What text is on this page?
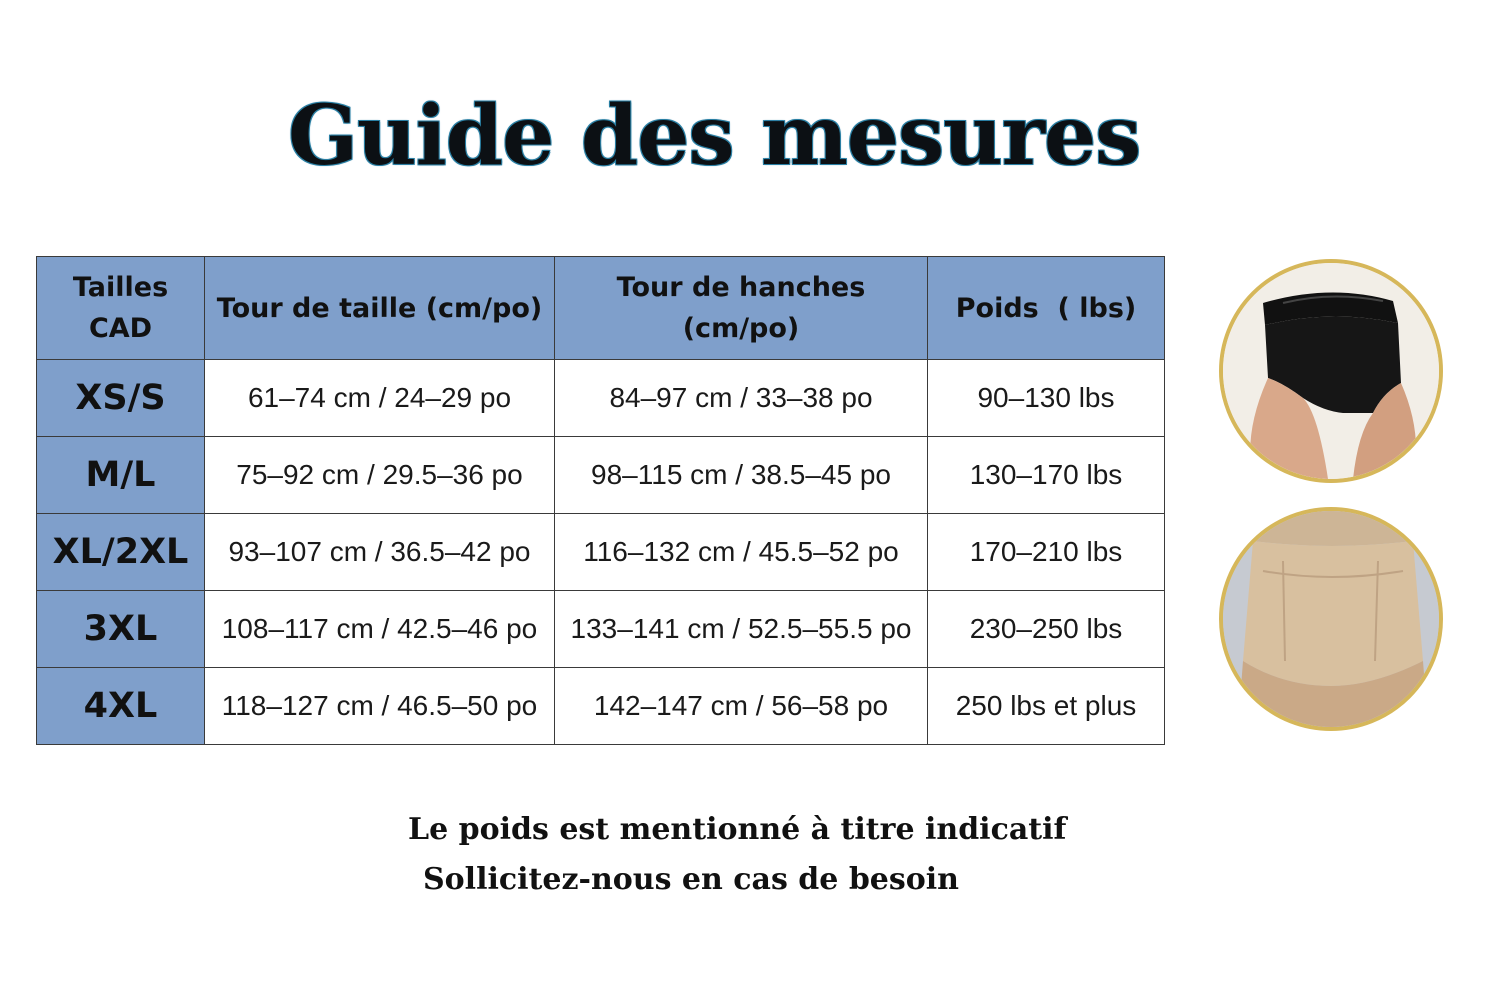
Guide des mesures
Tailles CAD	Tour de taille (cm/po)	Tour de hanches (cm/po)	Poids  ( lbs)
XS/S	61–74 cm / 24–29 po	84–97 cm / 33–38 po	90–130 lbs
M/L	75–92 cm / 29.5–36 po	98–115 cm / 38.5–45 po	130–170 lbs
XL/2XL	93–107 cm / 36.5–42 po	116–132 cm / 45.5–52 po	170–210 lbs
3XL	108–117 cm / 42.5–46 po	133–141 cm / 52.5–55.5 po	230–250 lbs
4XL	118–127 cm / 46.5–50 po	142–147 cm / 56–58 po	250 lbs et plus
Le poids est mentionné à titre indicatif
Sollicitez-nous en cas de besoin
